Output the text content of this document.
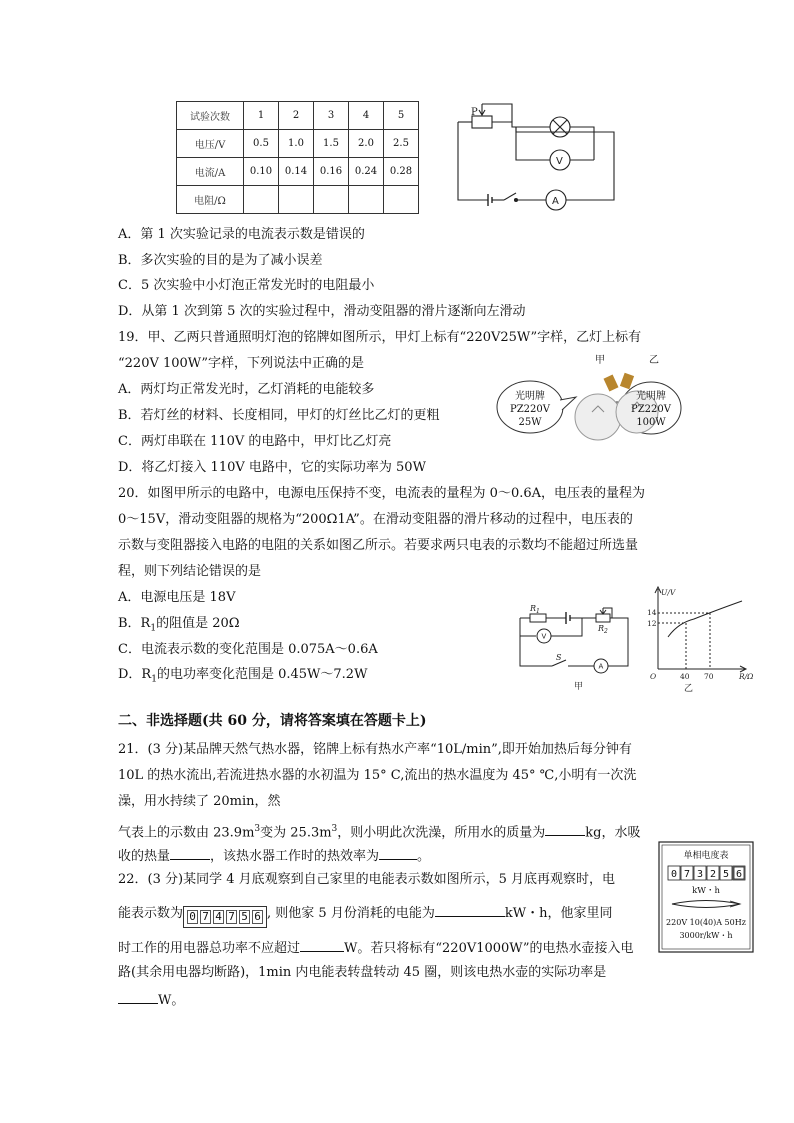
试验次数	1	2	3	4	5
电压/V	0.5	1.0	1.5	2.0	2.5
电流/A	0.10	0.14	0.16	0.24	0.28
电阻/Ω					
P
V
A
A．第 1 次实验记录的电流表示数是错误的
B．多次实验的目的是为了减小误差
C．5 次实验中小灯泡正常发光时的电阻最小
D．从第 1 次到第 5 次的实验过程中，滑动变阻器的滑片逐渐向左滑动
19．甲、乙两只普通照明灯泡的铭牌如图所示，甲灯上标有“220V25W”字样，乙灯上标有
“220V 100W”字样，下列说法中正确的是
A．两灯均正常发光时，乙灯消耗的电能较多
B．若灯丝的材料、长度相同，甲灯的灯丝比乙灯的更粗
C．两灯串联在 110V 的电路中，甲灯比乙灯亮
D．将乙灯接入 110V 电路中，它的实际功率为 50W
甲	乙
光明牌
PZ220V
25W
光明牌
PZ220V
100W
20．如图甲所示的电路中，电源电压保持不变，电流表的量程为 0～0.6A，电压表的量程为
0～15V，滑动变阻器的规格为“200Ω1A”。在滑动变阻器的滑片移动的过程中，电压表的
示数与变阻器接入电路的电阻的关系如图乙所示。若要求两只电表的示数均不能超过所选量
程，则下列结论错误的是
A．电源电压是 18V
B．$R_1$的阻值是 20Ω
C．电流表示数的变化范围是 0.075A～0.6A
D．$R_1$的电功率变化范围是 0.45W～7.2W
$R_1$
$R_2$
S
V
A
甲
U/V
14
12
O	40 70	R/Ω
乙
二、非选择题(共 60 分，请将答案填在答题卡上)
21．(3 分)某品牌天然气热水器，铭牌上标有热水产率“10L/min”,即开始加热后每分钟有
10L 的热水流出,若流进热水器的水初温为 15° C,流出的热水温度为 45° ℃,小明有一次洗
澡，用水持续了 20min，然
气表上的示数由 $23.9m^3$变为 $25.3m^3$，则小明此次洗澡，所用水的质量为	kg，水吸
收的热量	，该热水器工作时的热效率为	。
22．(3 分)某同学 4 月底观察到自己家里的电能表示数如图所示，5 月底再观察时，电
能表示数为 0 7 4 7 5 6 , 则他家 5 月份消耗的电能为	kW・h，他家里同
时工作的用电器总功率不应超过	W。若只将标有“220V1000W”的电热水壶接入电
路(其余用电器均断路)，1min 内电能表转盘转动 45 圈，则该电热水壶的实际功率是
W。
单相电度表
0 7 3 2 5 6
kW・h
220V 10(40)A 50Hz
3000r/kW・h
